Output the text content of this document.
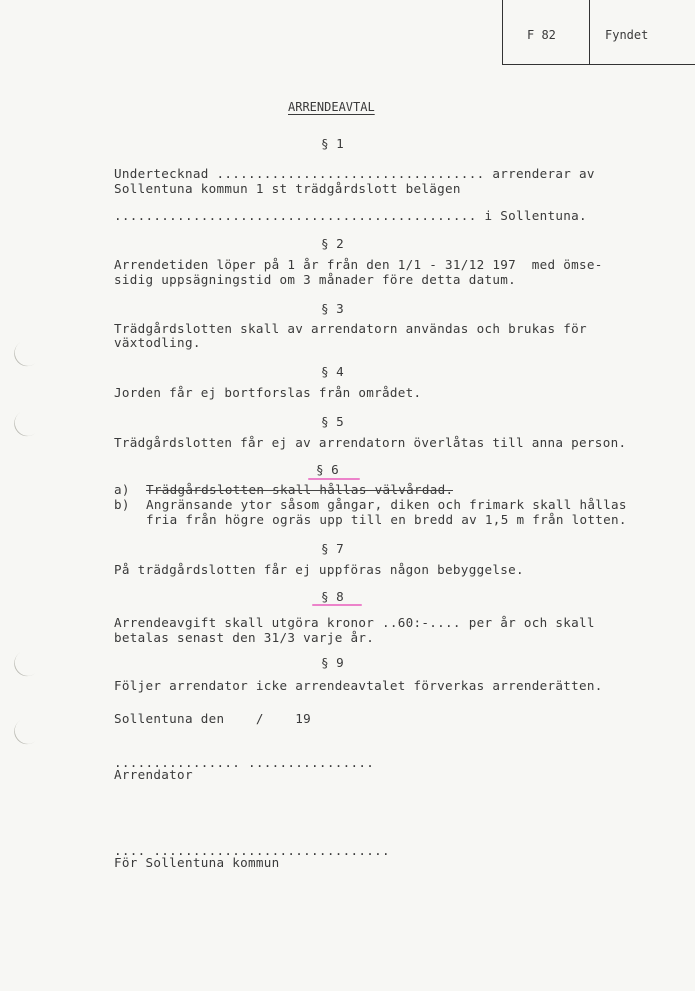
F 82	Fyndet
ARRENDEAVTAL
§ 1
Undertecknad .................................. arrenderar av
Sollentuna kommun 1 st trädgårdslott belägen
.............................................. i Sollentuna.
§ 2
Arrendetiden löper på 1 år från den 1/1 - 31/12 197  med ömse-
sidig uppsägningstid om 3 månader före detta datum.
§ 3
Trädgårdslotten skall av arrendatorn användas och brukas för
växtodling.
§ 4
Jorden får ej bortforslas från området.
§ 5
Trädgårdslotten får ej av arrendatorn överlåtas till anna person.
§ 6
a) Trädgårdslotten skall hållas välvårdad.
b) Angränsande ytor såsom gångar, diken och frimark skall hållas
fria från högre ogräs upp till en bredd av 1,5 m från lotten.
§ 7
På trädgårdslotten får ej uppföras någon bebyggelse.
§ 8
Arrendeavgift skall utgöra kronor ..60:-.... per år och skall
betalas senast den 31/3 varje år.
§ 9
Följer arrendator icke arrendeavtalet förverkas arrenderätten.
Sollentuna den    /    19
................ ................
Arrendator
.... ..............................
För Sollentuna kommun
